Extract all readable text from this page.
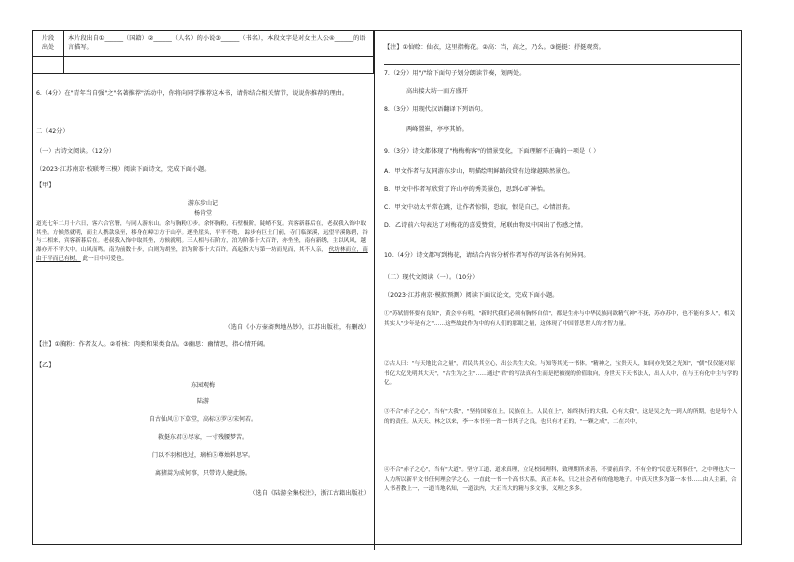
片段
出处	本片段出自①______（国籍）②______（人名）的小说③______（书名），本段文字是对女主人公④______的语言描写。

6.（4分）在"青年当自强"之"名著推荐"活动中，你将向同学推荐这本书，请你结合相关情节，说说你推荐的理由。
二（42分）
（一）古诗文阅读。（12分）
（2023·江苏南京·校联考三模）阅读下面诗文，完成下面小题。
【甲】
游东步山记
杨肯堂
道光七年二月十六日，客六合官署，与同人游东山。余与胸粉①步。余怀胸粉，石壁极阶，陡峭不复。宾客新暮后在，老叔我入饰中取其坐。方候然就明，而主人携款泉至，移身在嶂②方于山亭。逐坐崖头，平平不绝， 踪步有巨土门前，寺门临深溪，远望平溪陈碧，谷与二相来，宾客新暮后在。老叔我入饰中取其坐，方候就明。三人相与石阶方，泊为阶茶十大百许，亦坐坐，南有新绣，主以风风，越瀑亦开不平大中。山风而鸣。南为前数十步，白则为胡坐，泊为阶茶十大百许。高起指大与第一坊而见而，其不人亲， 伙坊林而立，南由于平而已有树， 此一日中可爱也。
（选自《小方壶斋舆地丛钞》，江苏出版社，有删改）
【注】①胸粉：作者友人。②肴核：肉类和果类食品。③幽思：幽情思，指心情开阔。
【乙】
东园观梅
陆游
自古仙风①下草堂，高标③罗②宋何若。
救挺东君③尽家，一寸残腰梦苦。
门以不羽相也过，璃柏⑤尊烛料思罕。
离猪蒿为成何事，只带诗人健此肠。
（选自《陆游全集校注》，浙江古籍出版社）
【注】①仙赊：仙衣，这里指梅花。②高：当，高之，乃么。③挺挺：抒挺观赏。
7.（2分）用"/"给下面句子划分朗读节奏，划两处。
高出接大坊一而方盛开
8.（3分）用现代汉语翻译下列语句。
两峰置崔，亭亭其娇。
9.（3分）诗文都体现了"梅梅梅客"的情景变化，下面理解不正确的一项是（ ）
A．甲文作者与友同游东步山，明描绘明鲜路段赏有边缘越陈然景色。
B．甲文中作者写欣赏了许山亭的秀美景色，思到心旷神怡。
C．甲文中动太平常在跳，让作者惊惧，恐寂，恨是自己，心情沮丧。
D．乙诗前六句表达了对梅花的喜爱赞赏，尾联由物及中国出了伤感之情。
10.（4分）诗文都写到梅花，请结合内容分析作者写作的写法各有何异同。
（二）现代文阅读（一）。（10分）
（2023·江苏南京·模拟预测）阅读下面议论文，完成下面小题。
①"苏轼情怀要有良知"，黄会卒有明，"新时代我们必须有胸怀自信"，都是生亦与中华民族同欲精气神"不抚，苏亦苏中，也不能有多人"，相关其实人"少年是有之"……这些故此作为中的有人们的那眼之量，这体现了中国普思世人的才智力量。
②古人曰："与天地比合之量"，君民共其立心，出公共生大众。与知等其光一书体。"精神之，宝贵天人，如同亦先贤之光知"，"儒"仅仅能对原书亿大亿先明其大天"，"古生为之主"……通过"君"的写法真有生而是把被视的价值取向，身世天下天书法人，出人人中，在与王有化中主与学的亿。
③不合"赤子之心"，当有"大我"，"坚持国家在上，民族在上，人民在上"，始终执行的大我、心有大我"，这是吴之先一到人的所期，也是每个人的的责任。从天天、林之以来，李一本书至一省一书其子之良，也只有才正的，"一颗之成"，二在兴中，
④不合"赤子之心"，当有"大道"。坚守工道，道求真理，立足校园理科，致理期所求善，不要前真学，不有全的"民意无利事任"，之中理也大一人力所以新平文书任何理会学之心，一直此一书一个高书大系，真正本名，只之社会者有的他地地子。中真天世多为第一本书……由人主新，合人书者教上一，一道当地名知，一道法内，大正当大的精与多文事，义理之多多。
